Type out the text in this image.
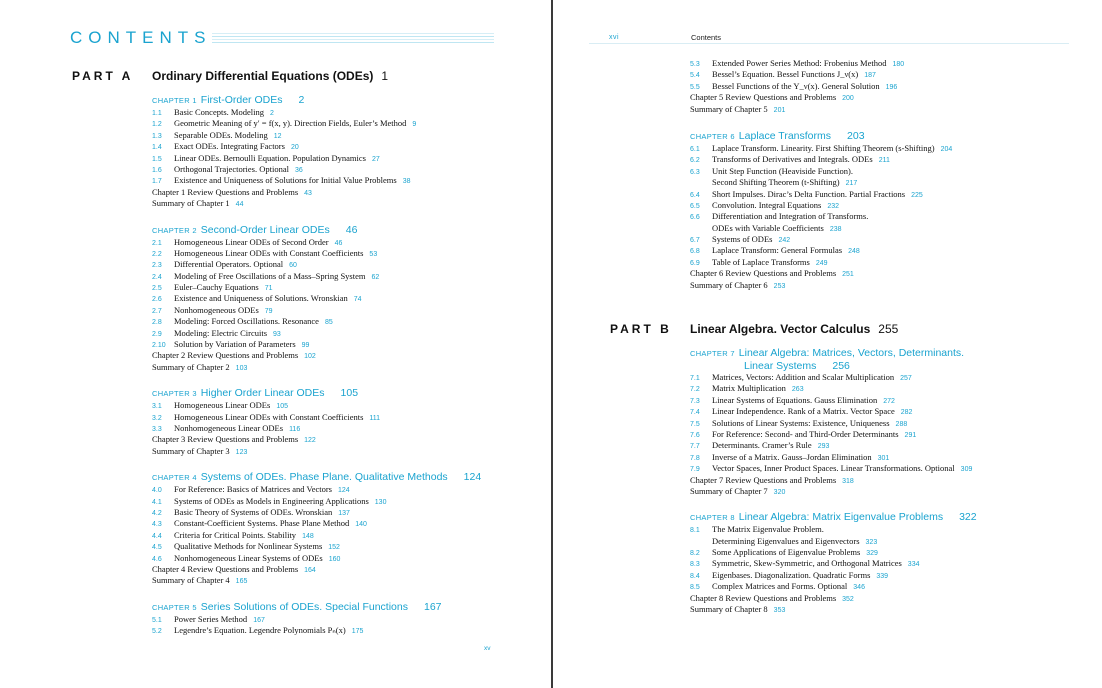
CONTENTS
PART A Ordinary Differential Equations (ODEs) 1
CHAPTER 1 First-Order ODEs 2
1.1 Basic Concepts. Modeling 2
1.2 Geometric Meaning of y′ = f(x, y). Direction Fields, Euler’s Method 9
1.3 Separable ODEs. Modeling 12
1.4 Exact ODEs. Integrating Factors 20
1.5 Linear ODEs. Bernoulli Equation. Population Dynamics 27
1.6 Orthogonal Trajectories. Optional 36
1.7 Existence and Uniqueness of Solutions for Initial Value Problems 38
Chapter 1 Review Questions and Problems 43
Summary of Chapter 1 44
CHAPTER 2 Second-Order Linear ODEs 46
2.1 Homogeneous Linear ODEs of Second Order 46
2.2 Homogeneous Linear ODEs with Constant Coefficients 53
2.3 Differential Operators. Optional 60
2.4 Modeling of Free Oscillations of a Mass–Spring System 62
2.5 Euler–Cauchy Equations 71
2.6 Existence and Uniqueness of Solutions. Wronskian 74
2.7 Nonhomogeneous ODEs 79
2.8 Modeling: Forced Oscillations. Resonance 85
2.9 Modeling: Electric Circuits 93
2.10 Solution by Variation of Parameters 99
Chapter 2 Review Questions and Problems 102
Summary of Chapter 2 103
CHAPTER 3 Higher Order Linear ODEs 105
3.1 Homogeneous Linear ODEs 105
3.2 Homogeneous Linear ODEs with Constant Coefficients 111
3.3 Nonhomogeneous Linear ODEs 116
Chapter 3 Review Questions and Problems 122
Summary of Chapter 3 123
CHAPTER 4 Systems of ODEs. Phase Plane. Qualitative Methods 124
4.0 For Reference: Basics of Matrices and Vectors 124
4.1 Systems of ODEs as Models in Engineering Applications 130
4.2 Basic Theory of Systems of ODEs. Wronskian 137
4.3 Constant-Coefficient Systems. Phase Plane Method 140
4.4 Criteria for Critical Points. Stability 148
4.5 Qualitative Methods for Nonlinear Systems 152
4.6 Nonhomogeneous Linear Systems of ODEs 160
Chapter 4 Review Questions and Problems 164
Summary of Chapter 4 165
CHAPTER 5 Series Solutions of ODEs. Special Functions 167
5.1 Power Series Method 167
5.2 Legendre’s Equation. Legendre Polynomials Pₙ(x) 175
xv
xvi	Contents
5.3 Extended Power Series Method: Frobenius Method 180
5.4 Bessel’s Equation. Bessel Functions J_ν(x) 187
5.5 Bessel Functions of the Y_ν(x). General Solution 196
Chapter 5 Review Questions and Problems 200
Summary of Chapter 5 201
CHAPTER 6 Laplace Transforms 203
6.1 Laplace Transform. Linearity. First Shifting Theorem (s-Shifting) 204
6.2 Transforms of Derivatives and Integrals. ODEs 211
6.3 Unit Step Function (Heaviside Function).
Second Shifting Theorem (t-Shifting) 217
6.4 Short Impulses. Dirac’s Delta Function. Partial Fractions 225
6.5 Convolution. Integral Equations 232
6.6 Differentiation and Integration of Transforms.
ODEs with Variable Coefficients 238
6.7 Systems of ODEs 242
6.8 Laplace Transform: General Formulas 248
6.9 Table of Laplace Transforms 249
Chapter 6 Review Questions and Problems 251
Summary of Chapter 6 253
PART B Linear Algebra. Vector Calculus 255
CHAPTER 7 Linear Algebra: Matrices, Vectors, Determinants.
Linear Systems 256
7.1 Matrices, Vectors: Addition and Scalar Multiplication 257
7.2 Matrix Multiplication 263
7.3 Linear Systems of Equations. Gauss Elimination 272
7.4 Linear Independence. Rank of a Matrix. Vector Space 282
7.5 Solutions of Linear Systems: Existence, Uniqueness 288
7.6 For Reference: Second- and Third-Order Determinants 291
7.7 Determinants. Cramer’s Rule 293
7.8 Inverse of a Matrix. Gauss–Jordan Elimination 301
7.9 Vector Spaces, Inner Product Spaces. Linear Transformations. Optional 309
Chapter 7 Review Questions and Problems 318
Summary of Chapter 7 320
CHAPTER 8 Linear Algebra: Matrix Eigenvalue Problems 322
8.1 The Matrix Eigenvalue Problem.
Determining Eigenvalues and Eigenvectors 323
8.2 Some Applications of Eigenvalue Problems 329
8.3 Symmetric, Skew-Symmetric, and Orthogonal Matrices 334
8.4 Eigenbases. Diagonalization. Quadratic Forms 339
8.5 Complex Matrices and Forms. Optional 346
Chapter 8 Review Questions and Problems 352
Summary of Chapter 8 353
